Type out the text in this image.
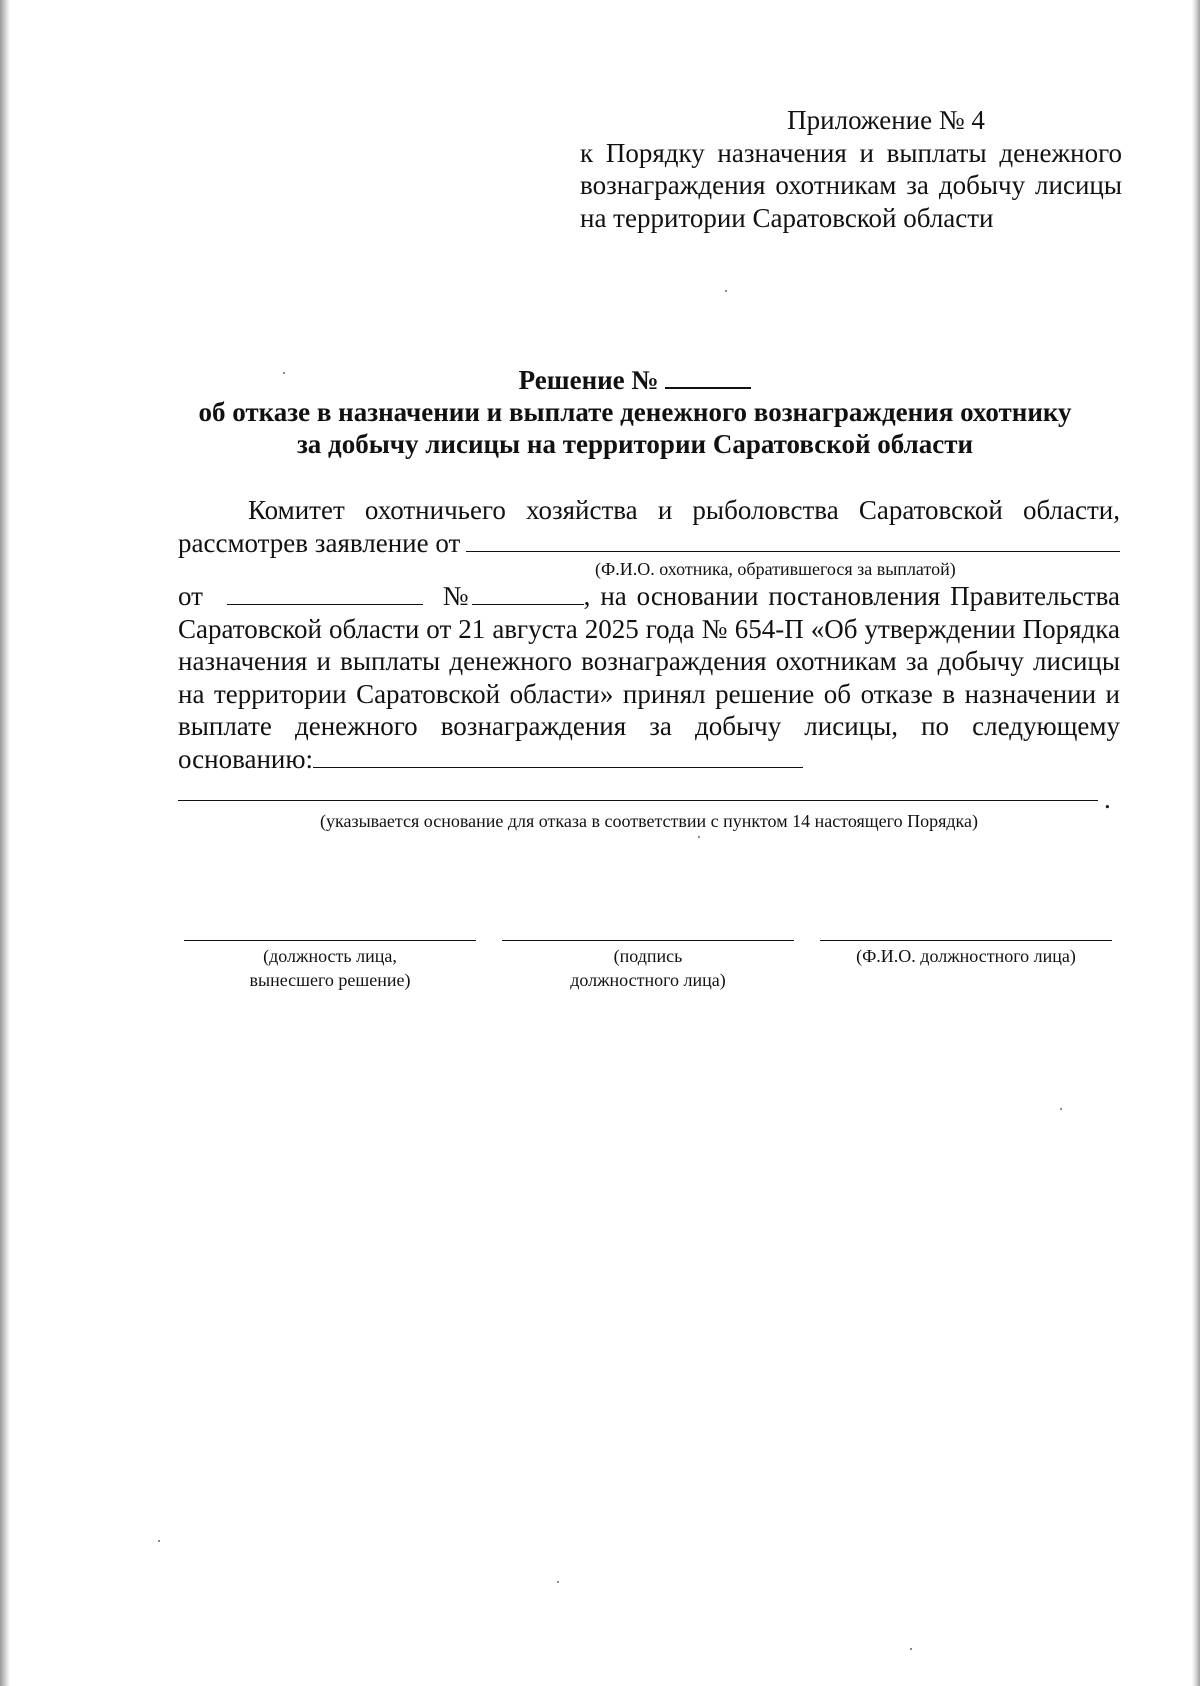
Приложение № 4
к Порядку назначения и выплаты денежного вознаграждения охотникам за добычу лисицы на территории Саратовской области
Решение №
об отказе в назначении и выплате денежного вознаграждения охотнику
за добычу лисицы на территории Саратовской области
Комитет охотничьего хозяйства и рыболовства Саратовской области,
рассмотрев заявление от
(Ф.И.О. охотника, обратившегося за выплатой)
от	№	, на основании постановления Правительства Саратовской области от 21 августа 2025 года № 654-П «Об утверждении Порядка назначения и выплаты денежного вознаграждения охотникам за добычу лисицы на территории Саратовской области» принял решение об отказе в назначении и выплате денежного вознаграждения за добычу лисицы, по следующему основанию:
.
(указывается основание для отказа в соответствии с пунктом 14 настоящего Порядка)
(должность лица,
вынесшего решение)
(подпись
должностного лица)
(Ф.И.О. должностного лица)
